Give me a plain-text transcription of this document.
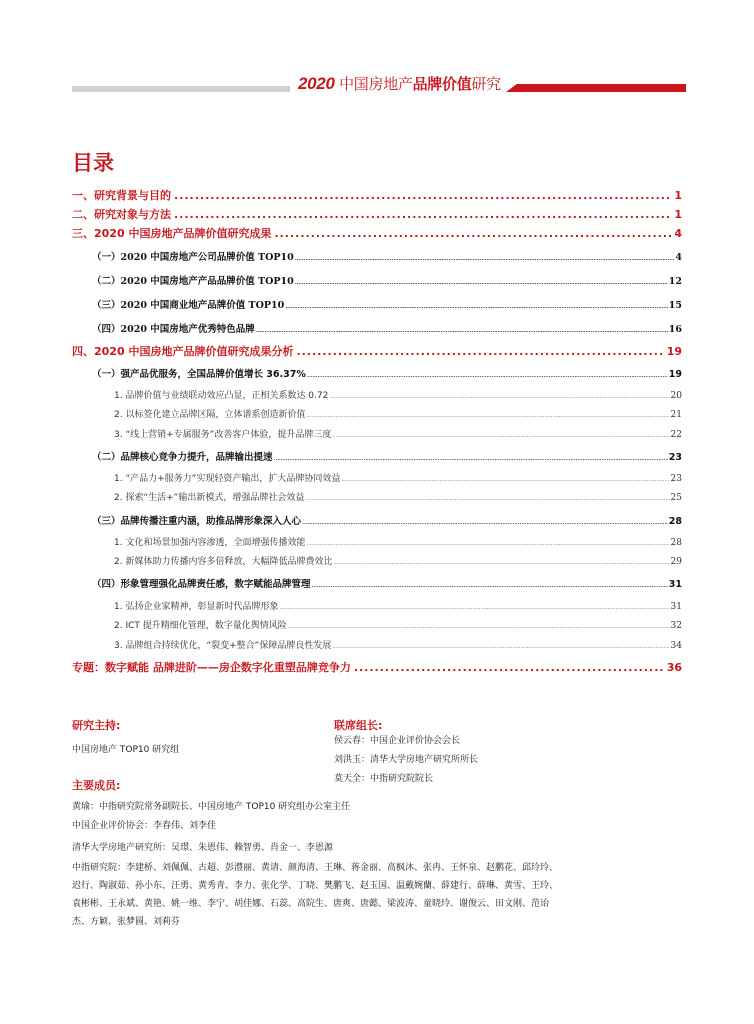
2020 中国房地产品牌价值研究
目录
一、研究背景与目的 .....	1
二、研究对象与方法 .....	1
三、2020 中国房地产品牌价值研究成果 .....	4
（一）2020 中国房地产公司品牌价值 TOP10 .....	4
（二）2020 中国房地产产品品牌价值 TOP10 .....	12
（三）2020 中国商业地产品牌价值 TOP10 .....	15
（四）2020 中国房地产优秀特色品牌 .....	16
四、2020 中国房地产品牌价值研究成果分析 .....	19
（一）强产品优服务，全国品牌价值增长 36.37% .....	19
1. 品牌价值与业绩联动效应凸显，正相关系数达 0.72 .....	20
2. 以标签化建立品牌区隔，立体谱系创造新价值 .....	21
3. “线上营销+专属服务”改善客户体验，提升品牌三度 .....	22
（二）品牌核心竞争力提升，品牌输出提速 .....	23
1. “产品力+服务力”实现轻资产输出，扩大品牌协同效益 .....	23
2. 探索“生活+”输出新模式，增强品牌社会效益 .....	25
（三）品牌传播注重内涵，助推品牌形象深入人心 .....	28
1. 文化和场景加强内容渗透，全面增强传播效能 .....	28
2. 新媒体助力传播内容多倍释放，大幅降低品牌费效比 .....	29
（四）形象管理强化品牌责任感，数字赋能品牌管理 .....	31
1. 弘扬企业家精神，彰显新时代品牌形象 .....	31
2. ICT 提升精细化管理，数字量化舆情风险 .....	32
3. 品牌组合持续优化，“裂变+整合”保障品牌良性发展 .....	34
专题：数字赋能 品牌进阶——房企数字化重塑品牌竞争力 .....	36
研究主持:
中国房地产 TOP10 研究组
联席组长:
侯云春：中国企业评价协会会长
刘洪玉：清华大学房地产研究所所长
莫天全：中指研究院院长
主要成员:
黄瑜：中指研究院常务副院长、中国房地产 TOP10 研究组办公室主任
中国企业评价协会：李春伟、刘李佳
清华大学房地产研究所：吴璟、朱恩伟、赖智勇、肖金一、李恩源
中指研究院：李建桥、刘佩佩、古超、彭澧丽、黄请、颜海清、王琳、蒋金丽、高枫沐、张冉、王怀泉、赵鹏花、邱玲玲、
迟行、陶淑茹、孙小东、汪勇、黄秀青、李力、张化学、丁晓、樊鹏飞、赵玉国、温戴婉蘭、薛建行、薛琳、黄雪、王玲、
袁彬彬、王永斌、黄艳、姚一维、李宁、胡佳娜、石蕊、高院生、唐爽、唐懿、梁波涛、童晓玲、谢俊云、田文刚、范诒
杰、方颖、张梦圆、刘莉芬
